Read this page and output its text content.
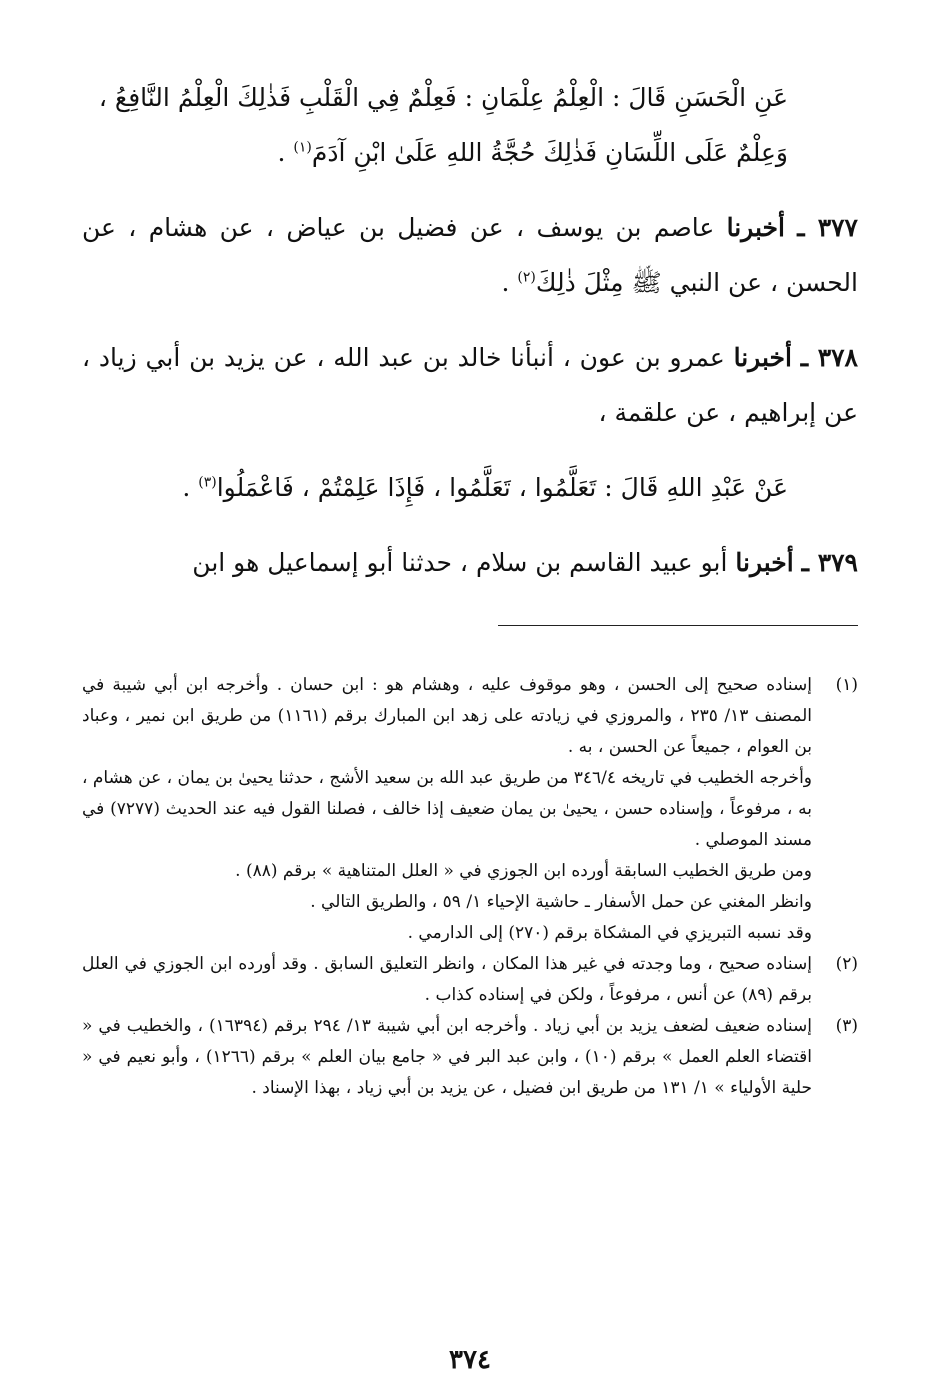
عَنِ الْحَسَنِ قَالَ : الْعِلْمُ عِلْمَانِ : فَعِلْمٌ فِي الْقَلْبِ فَذٰلِكَ الْعِلْمُ النَّافِعُ ،
وَعِلْمٌ عَلَى اللِّسَانِ فَذٰلِكَ حُجَّةُ اللهِ عَلَىٰ ابْنِ آدَمَ$^{(١)}$ .
٣٧٧ ـ أخبرنا عاصم بن يوسف ، عن فضيل بن عياض ، عن هشام ، عن الحسن ، عن النبي ﷺ مِثْلَ ذٰلِكَ$^{(٢)}$ .
٣٧٨ ـ أخبرنا عمرو بن عون ، أنبأنا خالد بن عبد الله ، عن يزيد بن أبي زياد ، عن إبراهيم ، عن علقمة ،
عَنْ عَبْدِ اللهِ قَالَ : تَعَلَّمُوا ، تَعَلَّمُوا ، فَإِذَا عَلِمْتُمْ ، فَاعْمَلُوا$^{(٣)}$ .
٣٧٩ ـ أخبرنا أبو عبيد القاسم بن سلام ، حدثنا أبو إسماعيل هو ابن
(١)

إسناده صحيح إلى الحسن ، وهو موقوف عليه ، وهشام هو : ابن حسان . وأخرجه ابن أبي شيبة في المصنف ١٣/ ٢٣٥ ، والمروزي في زيادته على زهد ابن المبارك برقم (١١٦١) من طريق ابن نمير ، وعباد بن العوام ، جميعاً عن الحسن ، به .

وأخرجه الخطيب في تاريخه ٣٤٦/٤ من طريق عبد الله بن سعيد الأشج ، حدثنا يحيىٰ بن يمان ، عن هشام ، به ، مرفوعاً ، وإسناده حسن ، يحيىٰ بن يمان ضعيف إذا خالف ، فصلنا القول فيه عند الحديث (٧٢٧٧) في مسند الموصلي .

ومن طريق الخطيب السابقة أورده ابن الجوزي في « العلل المتناهية » برقم (٨٨) .

وانظر المغني عن حمل الأسفار ـ حاشية الإحياء ١/ ٥٩ ، والطريق التالي .

وقد نسبه التبريزي في المشكاة برقم (٢٧٠) إلى الدارمي .

(٢)

إسناده صحيح ، وما وجدته في غير هذا المكان ، وانظر التعليق السابق . وقد أورده ابن الجوزي في العلل برقم (٨٩) عن أنس ، مرفوعاً ، ولكن في إسناده كذاب .

(٣)

إسناده ضعيف لضعف يزيد بن أبي زياد . وأخرجه ابن أبي شيبة ١٣/ ٢٩٤ برقم (١٦٣٩٤) ، والخطيب في « اقتضاء العلم العمل » برقم (١٠) ، وابن عبد البر في « جامع بيان العلم » برقم (١٢٦٦) ، وأبو نعيم في « حلية الأولياء » ١/ ١٣١ من طريق ابن فضيل ، عن يزيد بن أبي زياد ، بهذا الإسناد .

٣٧٤
